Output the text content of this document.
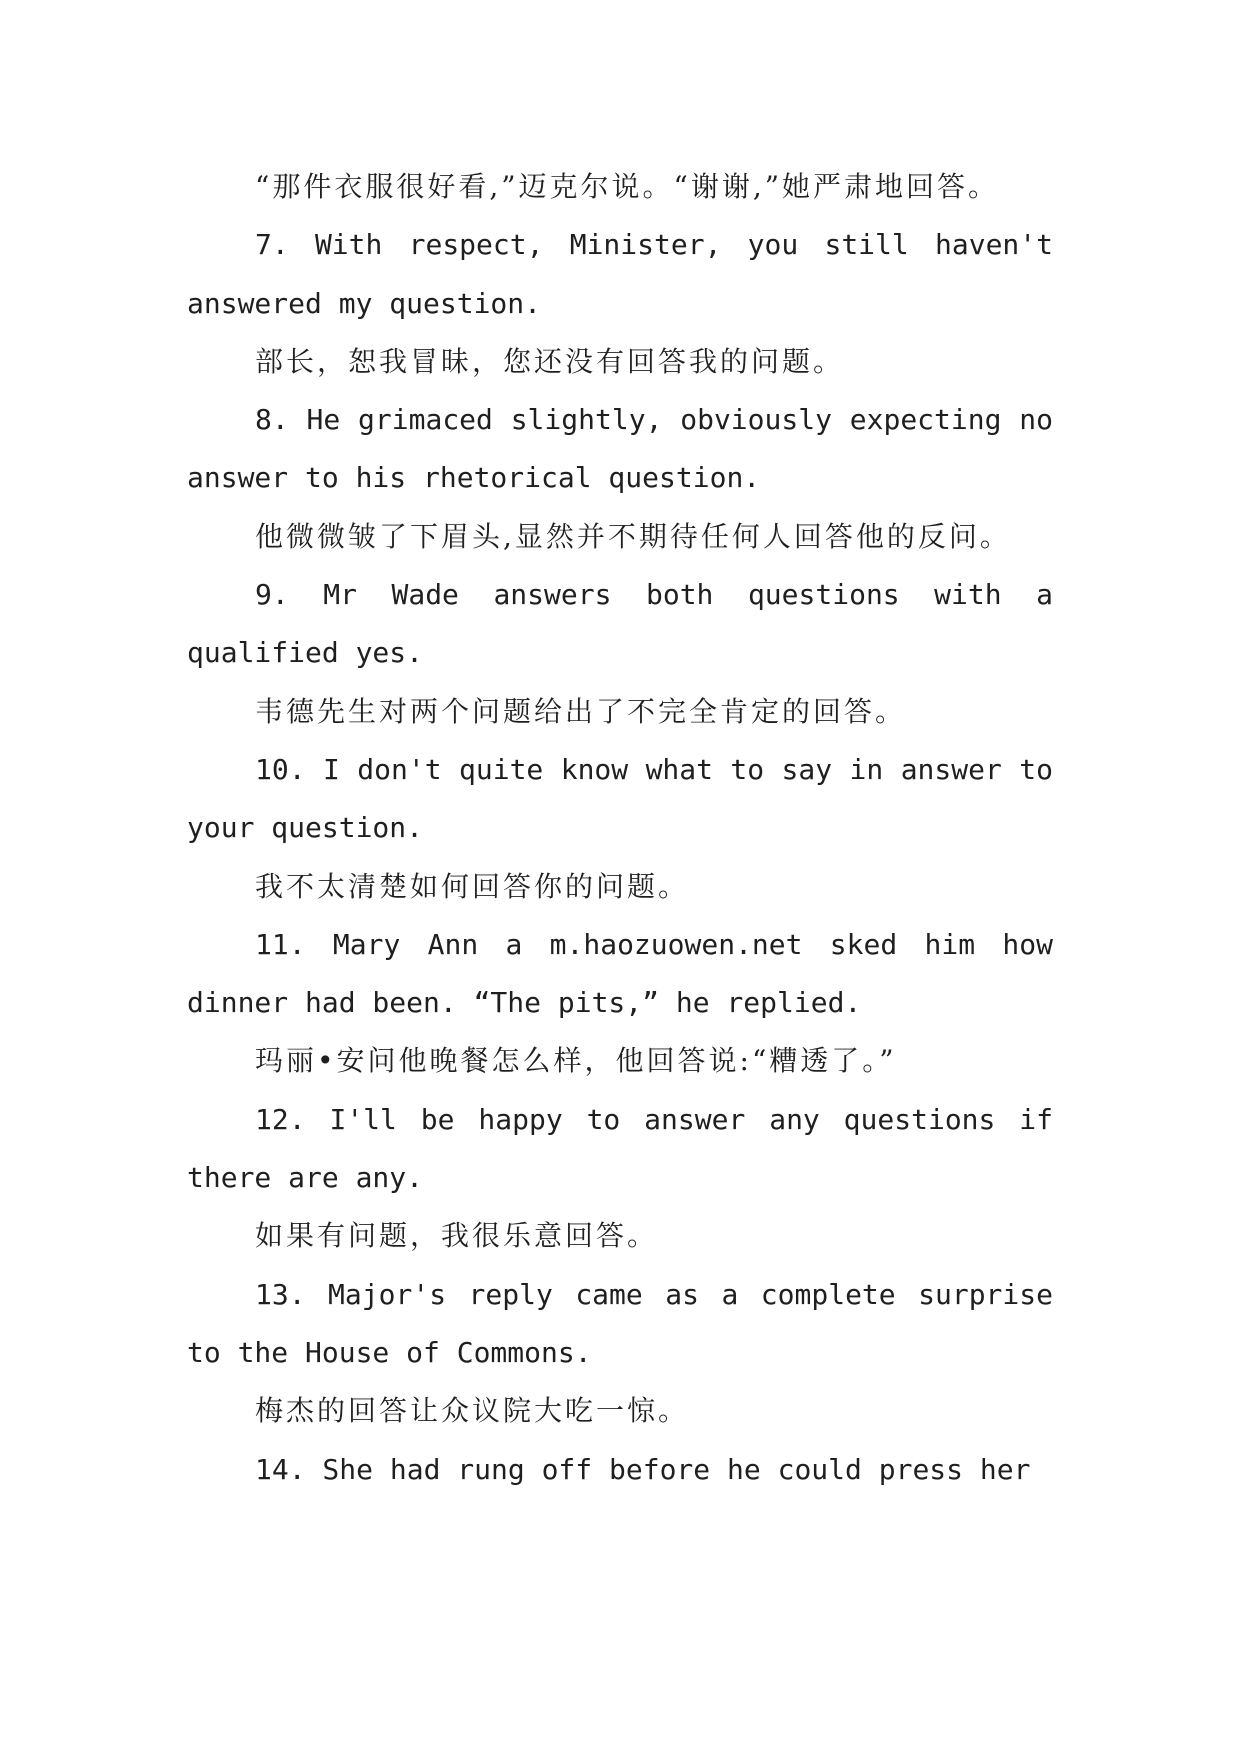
“那件衣服很好看,”迈克尔说。“谢谢,”她严肃地回答。

7. With respect, Minister, you still haven't answered my question.

部长，恕我冒昧，您还没有回答我的问题。

8. He grimaced slightly, obviously expecting no answer to his rhetorical question.

他微微皱了下眉头,显然并不期待任何人回答他的反问。

9. Mr Wade answers both questions with a qualified yes.

韦德先生对两个问题给出了不完全肯定的回答。

10. I don't quite know what to say in answer to your question.

我不太清楚如何回答你的问题。

11. Mary Ann a m.haozuowen.net sked him how dinner had been. “The pits,” he replied.

玛丽•安问他晚餐怎么样，他回答说:“糟透了。”

12. I'll be happy to answer any questions if there are any.

如果有问题，我很乐意回答。

13. Major's reply came as a complete surprise to the House of Commons.

梅杰的回答让众议院大吃一惊。

14. She had rung off before he could press her
